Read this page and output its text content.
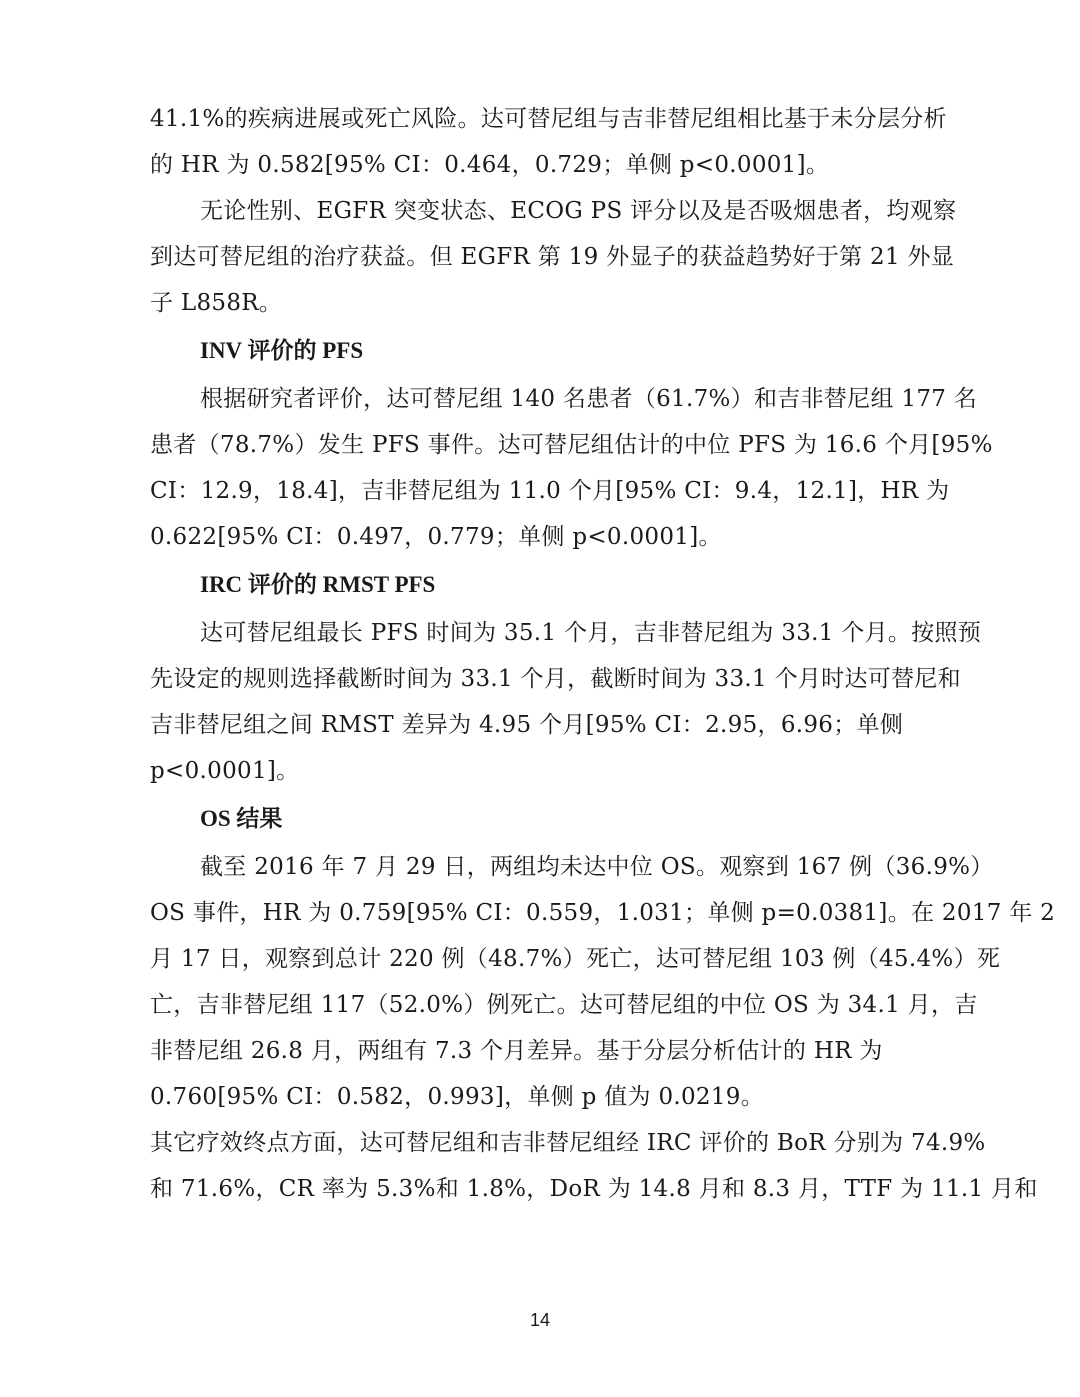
41.1%的疾病进展或死亡风险。达可替尼组与吉非替尼组相比基于未分层分析
的 HR 为 0.582[95% CI：0.464，0.729；单侧 p<0.0001]。
无论性别、EGFR 突变状态、ECOG PS 评分以及是否吸烟患者，均观察
到达可替尼组的治疗获益。但 EGFR 第 19 外显子的获益趋势好于第 21 外显
子 L858R。
INV 评价的 PFS
根据研究者评价，达可替尼组 140 名患者（61.7%）和吉非替尼组 177 名
患者（78.7%）发生 PFS 事件。达可替尼组估计的中位 PFS 为 16.6 个月[95%
CI：12.9，18.4]，吉非替尼组为 11.0 个月[95% CI：9.4，12.1]，HR 为
0.622[95% CI：0.497，0.779；单侧 p<0.0001]。
IRC 评价的 RMST PFS
达可替尼组最长 PFS 时间为 35.1 个月，吉非替尼组为 33.1 个月。按照预
先设定的规则选择截断时间为 33.1 个月，截断时间为 33.1 个月时达可替尼和
吉非替尼组之间 RMST 差异为 4.95 个月[95% CI：2.95，6.96；单侧
p<0.0001]。
OS 结果
截至 2016 年 7 月 29 日，两组均未达中位 OS。观察到 167 例（36.9%）
OS 事件，HR 为 0.759[95% CI：0.559，1.031；单侧 p=0.0381]。在 2017 年 2
月 17 日，观察到总计 220 例（48.7%）死亡，达可替尼组 103 例（45.4%）死
亡，吉非替尼组 117（52.0%）例死亡。达可替尼组的中位 OS 为 34.1 月，吉
非替尼组 26.8 月，两组有 7.3 个月差异。基于分层分析估计的 HR 为
0.760[95% CI：0.582，0.993]，单侧 p 值为 0.0219。
其它疗效终点方面，达可替尼组和吉非替尼组经 IRC 评价的 BoR 分别为 74.9%
和 71.6%，CR 率为 5.3%和 1.8%，DoR 为 14.8 月和 8.3 月，TTF 为 11.1 月和
14
